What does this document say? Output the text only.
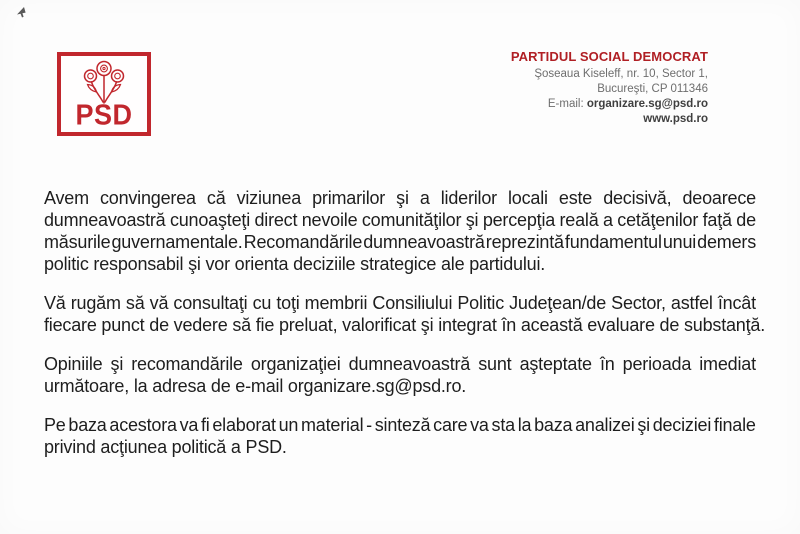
PSD
PARTIDUL SOCIAL DEMOCRAT
Şoseaua Kiseleff, nr. 10, Sector 1,
Bucureşti, CP 011346
E-mail: organizare.sg@psd.ro
www.psd.ro
Avem convingerea că viziunea primarilor şi a liderilor locali este decisivă, deoarece
dumneavoastră cunoaşteţi direct nevoile comunităţilor şi percepţia reală a cetăţenilor faţă de
măsurile guvernamentale. Recomandările dumneavoastră reprezintă fundamentul unui demers
politic responsabil şi vor orienta deciziile strategice ale partidului.
Vă rugăm să vă consultaţi cu toţi membrii Consiliului Politic Judeţean/de Sector, astfel încât
fiecare punct de vedere să fie preluat, valorificat şi integrat în această evaluare de substanţă.
Opiniile şi recomandările organizaţiei dumneavoastră sunt aşteptate în perioada imediat
următoare, la adresa de e-mail organizare.sg@psd.ro.
Pe baza acestora va fi elaborat un material - sinteză care va sta la baza analizei şi deciziei finale
privind acţiunea politică a PSD.
